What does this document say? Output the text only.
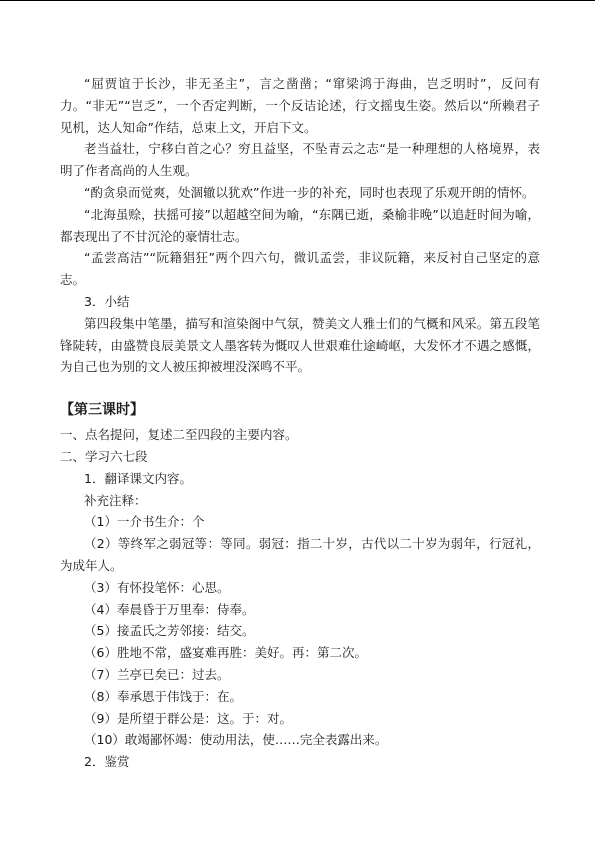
“屈贾谊于长沙，非无圣主”，言之凿凿；“窜梁鸿于海曲，岂乏明时”，反问有力。“非无”“岂乏”，一个否定判断，一个反诘论述，行文摇曳生姿。然后以“所赖君子见机，达人知命”作结，总束上文，开启下文。

老当益壮，宁移白首之心？穷且益坚，不坠青云之志“是一种理想的人格境界，表明了作者高尚的人生观。

“酌贪泉而觉爽，处涸辙以犹欢”作进一步的补充，同时也表现了乐观开朗的情怀。

“北海虽赊，扶摇可接”以超越空间为喻，“东隅已逝，桑榆非晚”以追赶时间为喻，都表现出了不甘沉沦的豪情壮志。

“孟尝高洁”“阮籍猖狂”两个四六句，微讥孟尝，非议阮籍，来反衬自己坚定的意志。

3．小结

第四段集中笔墨，描写和渲染阁中气氛，赞美文人雅士们的气概和风采。第五段笔锋陡转，由盛赞良辰美景文人墨客转为慨叹人世艰难仕途崎岖，大发怀才不遇之感慨，为自己也为别的文人被压抑被埋没深鸣不平。

【第三课时】

一、点名提问，复述二至四段的主要内容。

二、学习六七段

1．翻译课文内容。

补充注释：

（1）一介书生介：个

（2）等终军之弱冠等：等同。弱冠：指二十岁，古代以二十岁为弱年，行冠礼，为成年人。

（3）有怀投笔怀：心思。

（4）奉晨昏于万里奉：侍奉。

（5）接孟氏之芳邻接：结交。

（6）胜地不常，盛宴难再胜：美好。再：第二次。

（7）兰亭已矣已：过去。

（8）奉承恩于伟饯于：在。

（9）是所望于群公是：这。于：对。

（10）敢竭鄙怀竭：使动用法，使……完全表露出来。

2．鉴赏
